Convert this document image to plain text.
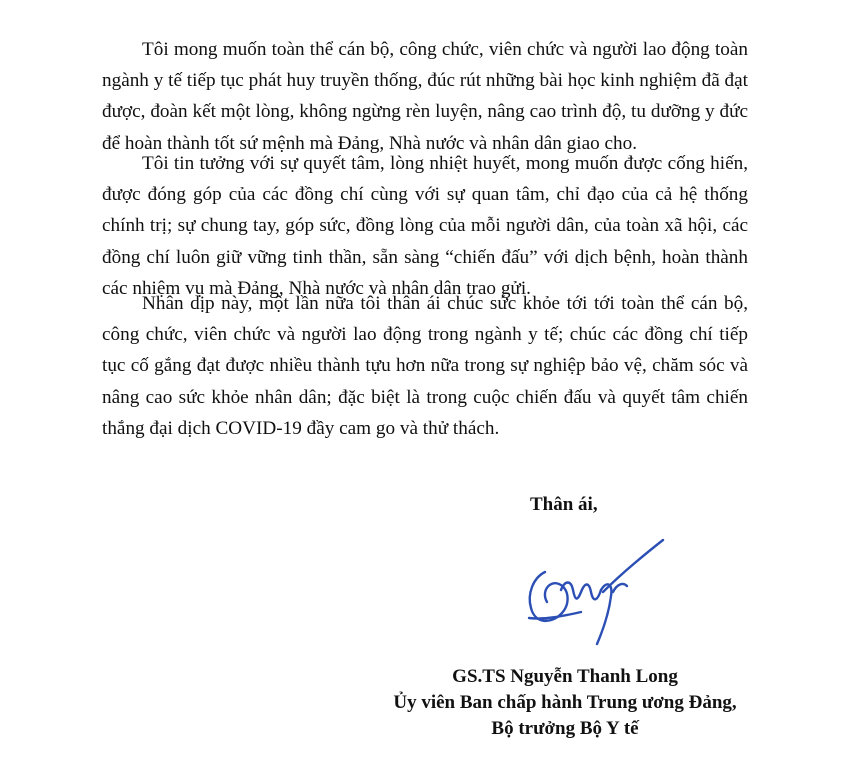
Tôi mong muốn toàn thể cán bộ, công chức, viên chức và người lao động toàn ngành y tế tiếp tục phát huy truyền thống, đúc rút những bài học kinh nghiệm đã đạt được, đoàn kết một lòng, không ngừng rèn luyện, nâng cao trình độ, tu dưỡng y đức để hoàn thành tốt sứ mệnh mà Đảng, Nhà nước và nhân dân giao cho.

Tôi tin tưởng với sự quyết tâm, lòng nhiệt huyết, mong muốn được cống hiến, được đóng góp của các đồng chí cùng với sự quan tâm, chỉ đạo của cả hệ thống chính trị; sự chung tay, góp sức, đồng lòng của mỗi người dân, của toàn xã hội, các đồng chí luôn giữ vững tinh thần, sẵn sàng “chiến đấu” với dịch bệnh, hoàn thành các nhiệm vụ mà Đảng, Nhà nước và nhân dân trao gửi.

Nhân dịp này, một lần nữa tôi thân ái chúc sức khỏe tới tới toàn thể cán bộ, công chức, viên chức và người lao động trong ngành y tế; chúc các đồng chí tiếp tục cố gắng đạt được nhiều thành tựu hơn nữa trong sự nghiệp bảo vệ, chăm sóc và nâng cao sức khỏe nhân dân; đặc biệt là trong cuộc chiến đấu và quyết tâm chiến thắng đại dịch COVID-19 đầy cam go và thử thách.

Thân ái,

GS.TS Nguyễn Thanh Long

Ủy viên Ban chấp hành Trung ương Đảng,

Bộ trưởng Bộ Y tế
